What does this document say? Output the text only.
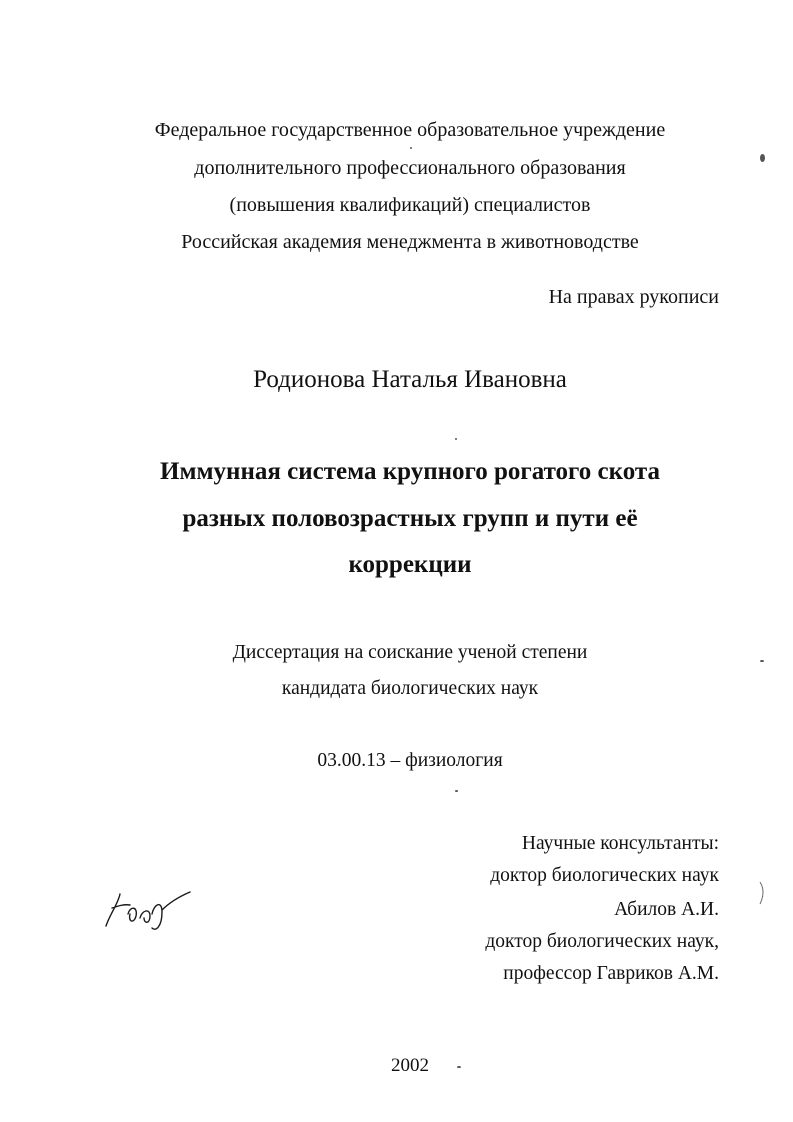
Федеральное государственное образовательное учреждение
дополнительного профессионального образования
(повышения квалификаций) специалистов
Российская академия менеджмента в животноводстве
На правах рукописи
Родионова Наталья Ивановна
Иммунная система крупного рогатого скота
разных половозрастных групп и пути её
коррекции
Диссертация на соискание ученой степени
кандидата биологических наук
03.00.13 – физиология
Научные консультанты:
доктор биологических наук
Абилов А.И.
доктор биологических наук,
профессор Гавриков А.М.
2002
